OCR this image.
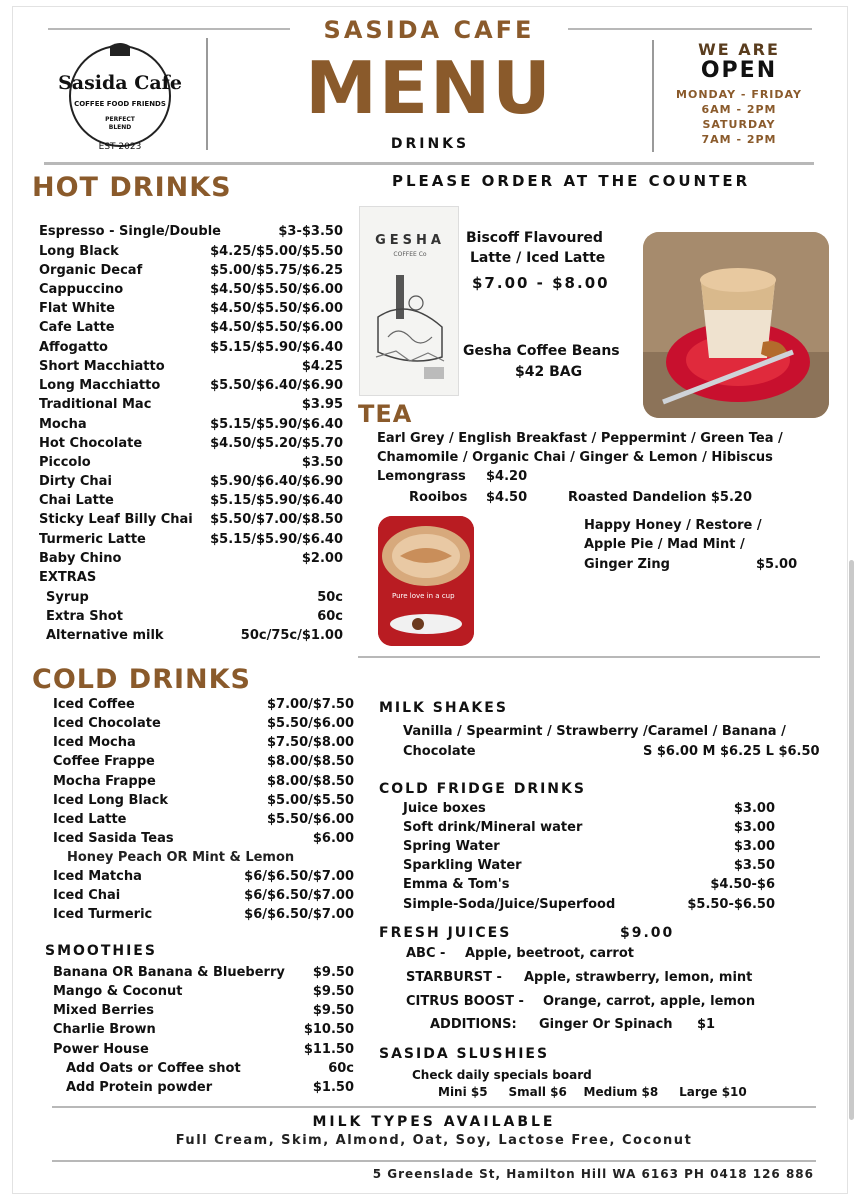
Sasida Cafe
COFFEE FOOD FRIENDS
PERFECT BLEND
EST 2023
SASIDA CAFE
MENU
DRINKS
WE ARE
OPEN
MONDAY - FRIDAY
6AM - 2PM
SATURDAY
7AM - 2PM
HOT DRINKS	PLEASE ORDER AT THE COUNTER
Espresso - Single/Double	$3-$3.50
Long Black	$4.25/$5.00/$5.50
Organic Decaf	$5.00/$5.75/$6.25
Cappuccino	$4.50/$5.50/$6.00
Flat White	$4.50/$5.50/$6.00
Cafe Latte	$4.50/$5.50/$6.00
Affogatto	$5.15/$5.90/$6.40
Short Macchiatto	$4.25
Long Macchiatto	$5.50/$6.40/$6.90
Traditional Mac	$3.95
Mocha	$5.15/$5.90/$6.40
Hot Chocolate	$4.50/$5.20/$5.70
Piccolo	$3.50
Dirty Chai	$5.90/$6.40/$6.90
Chai Latte	$5.15/$5.90/$6.40
Sticky Leaf Billy Chai $5.50/$7.00/$8.50
Turmeric Latte	$5.15/$5.90/$6.40
Baby Chino	$2.00
EXTRAS
Syrup	50c
Extra Shot	60c
Alternative milk	50c/75c/$1.00
GESHA
COFFEE Co
Biscoff Flavoured
Latte / Iced Latte
$7.00 - $8.00
Gesha Coffee Beans
$42 BAG
TEA
Earl Grey / English Breakfast / Peppermint / Green Tea /
Chamomile / Organic Chai / Ginger & Lemon / Hibiscus
Lemongrass $4.20
Rooibos $4.50	Roasted Dandelion $5.20
Happy Honey / Restore /
Apple Pie / Mad Mint /
Ginger Zing	$5.00
Pure love in a cup
COLD DRINKS
Iced Coffee	$7.00/$7.50
Iced Chocolate	$5.50/$6.00
Iced Mocha	$7.50/$8.00
Coffee Frappe	$8.00/$8.50
Mocha Frappe	$8.00/$8.50
Iced Long Black	$5.00/$5.50
Iced Latte	$5.50/$6.00
Iced Sasida Teas	$6.00
Honey Peach OR Mint & Lemon
Iced Matcha	$6/$6.50/$7.00
Iced Chai	$6/$6.50/$7.00
Iced Turmeric	$6/$6.50/$7.00
SMOOTHIES
Banana OR Banana & Blueberry $9.50
Mango & Coconut	$9.50
Mixed Berries	$9.50
Charlie Brown	$10.50
Power House	$11.50
Add Oats or Coffee shot	60c
Add Protein powder	$1.50
MILK SHAKES
Vanilla / Spearmint / Strawberry /Caramel / Banana /
Chocolate	S $6.00 M $6.25 L $6.50
COLD FRIDGE DRINKS
Juice boxes	$3.00
Soft drink/Mineral water	$3.00
Spring Water	$3.00
Sparkling Water	$3.50
Emma & Tom's	$4.50-$6
Simple-Soda/Juice/Superfood	$5.50-$6.50
FRESH JUICES	$9.00
ABC - Apple, beetroot, carrot
STARBURST - Apple, strawberry, lemon, mint
CITRUS BOOST - Orange, carrot, apple, lemon
ADDITIONS: Ginger Or Spinach $1
SASIDA SLUSHIES
Check daily specials board
Mini $5     Small $6    Medium $8     Large $10
MILK TYPES AVAILABLE
Full Cream, Skim, Almond, Oat, Soy, Lactose Free, Coconut
5 Greenslade St, Hamilton Hill WA 6163 PH 0418 126 886
